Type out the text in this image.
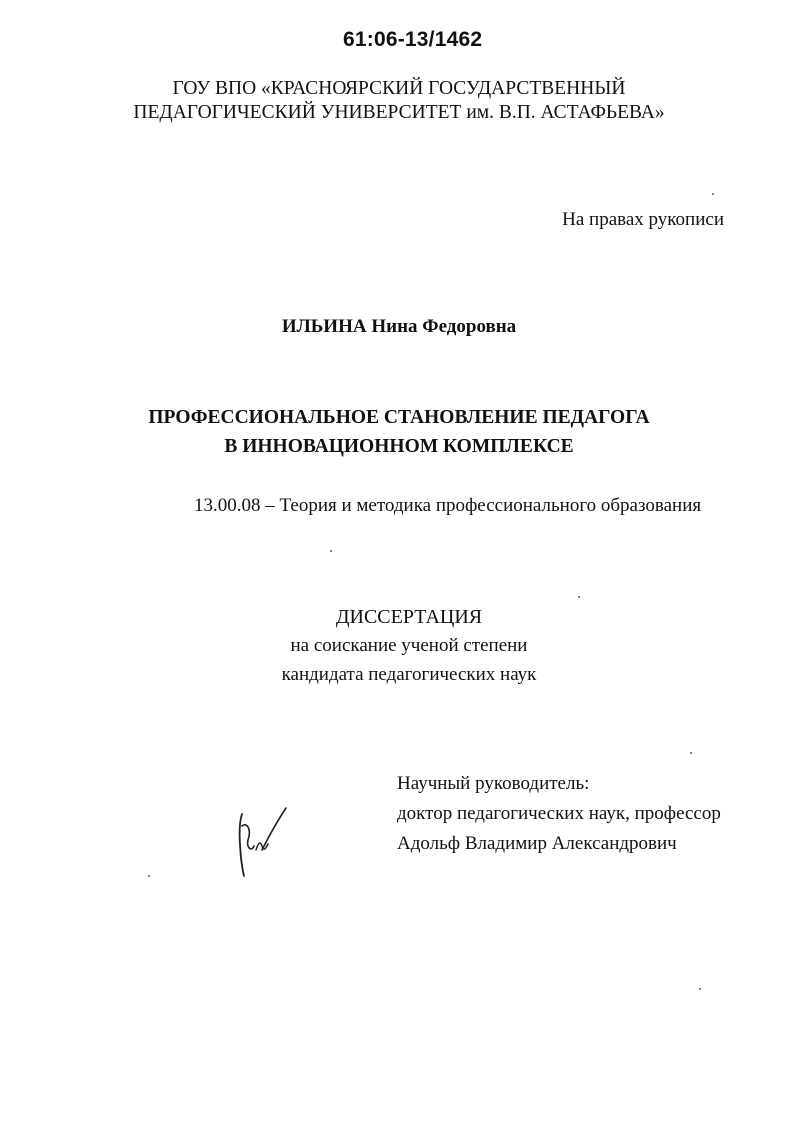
61:06-13/1462

ГОУ ВПО «КРАСНОЯРСКИЙ ГОСУДАРСТВЕННЫЙ

ПЕДАГОГИЧЕСКИЙ УНИВЕРСИТЕТ им. В.П. АСТАФЬЕВА»

На правах рукописи

ИЛЬИНА Нина Федоровна

ПРОФЕССИОНАЛЬНОЕ СТАНОВЛЕНИЕ ПЕДАГОГА

В ИННОВАЦИОННОМ КОМПЛЕКСЕ

13.00.08 – Теория и методика профессионального образования

ДИССЕРТАЦИЯ

на соискание ученой степени

кандидата педагогических наук

Научный руководитель:

доктор педагогических наук, профессор

Адольф Владимир Александрович
